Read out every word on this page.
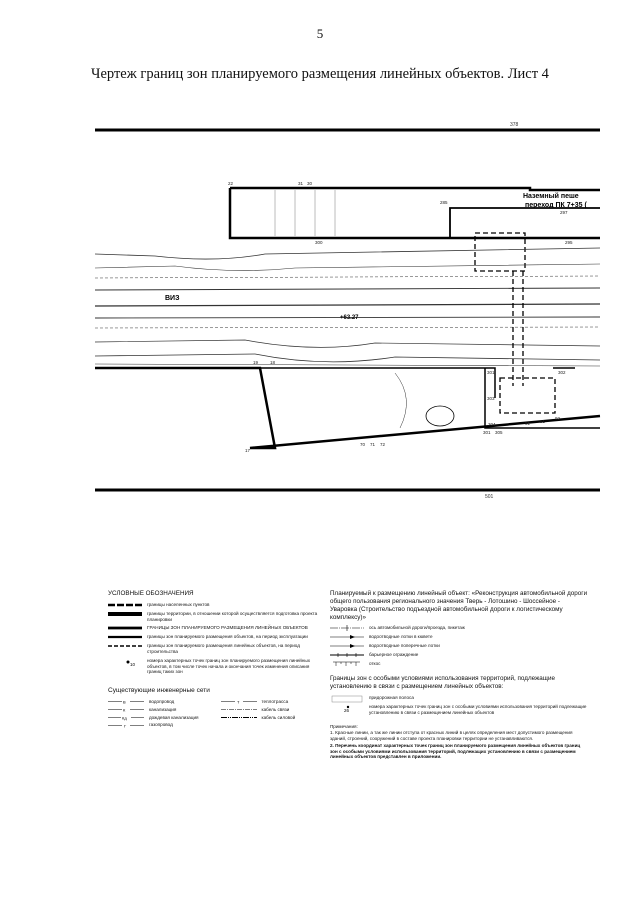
5
Чертеж границ зон планируемого размещения линейных объектов. Лист 4
378
501
Наземный пеше
переход ПК 7+35 (
ВИЗ
+63.27
22	31 30
285
297
295
300
301	302
303
304
305
301
51 91
92
17
18
19
70 71 72
УСЛОВНЫЕ ОБОЗНАЧЕНИЯ
границы населенных пунктов
границы территории, в отношении которой осуществляется подготовка проекта планировки
ГРАНИЦЫ ЗОН ПЛАНИРУЕМОГО РАЗМЕЩЕНИЯ ЛИНЕЙНЫХ ОБЪЕКТОВ
границы зон планируемого размещения объектов, на период эксплуатации
границы зон планируемого размещения линейных объектов, на период строительства
10
номера характерных точек границ зон планируемого размещения линейных объектов, в том числе точек начала и окончания точек изменения описания границ таких зон
Существующие инженерные сети
В	водопровод	Т	теплотрасса
К	канализация	кабель связи
Кд	дождевая канализация	кабель силовой
Г	газопровод
Планируемый к размещению линейный объект: «Реконструкция автомобильной дороги общего пользования регионального значения Тверь - Лотошино - Шоссейное - Уваровка (Строительство подъездной автомобильной дороги к логистическому комплексу)»
ось автомобильной дороги/проезда, пикетаж
водоотводные лотки в кювете
водоотводные поперечные лотки
барьерное ограждение
откос
Границы зон с особыми условиями использования территорий, подлежащие установлению в связи с размещением линейных объектов:
придорожная полоса
26
номера характерных точек границ зон с особыми условиями использования территорий подлежащие установлению в связи с размещением линейных объектов
Примечания:
1. Красные линии, а так же линии отступа от красных линий в целях определения мест допустимого размещения зданий, строений, сооружений в составе проекта планировки территории не устанавливаются.
2. Перечень координат характерных точек границ зон планируемого размещения линейных объектов границ зон с особыми условиями использования территорий, подлежащих установлению в связи с размещением линейных объектов представлен в приложении.
